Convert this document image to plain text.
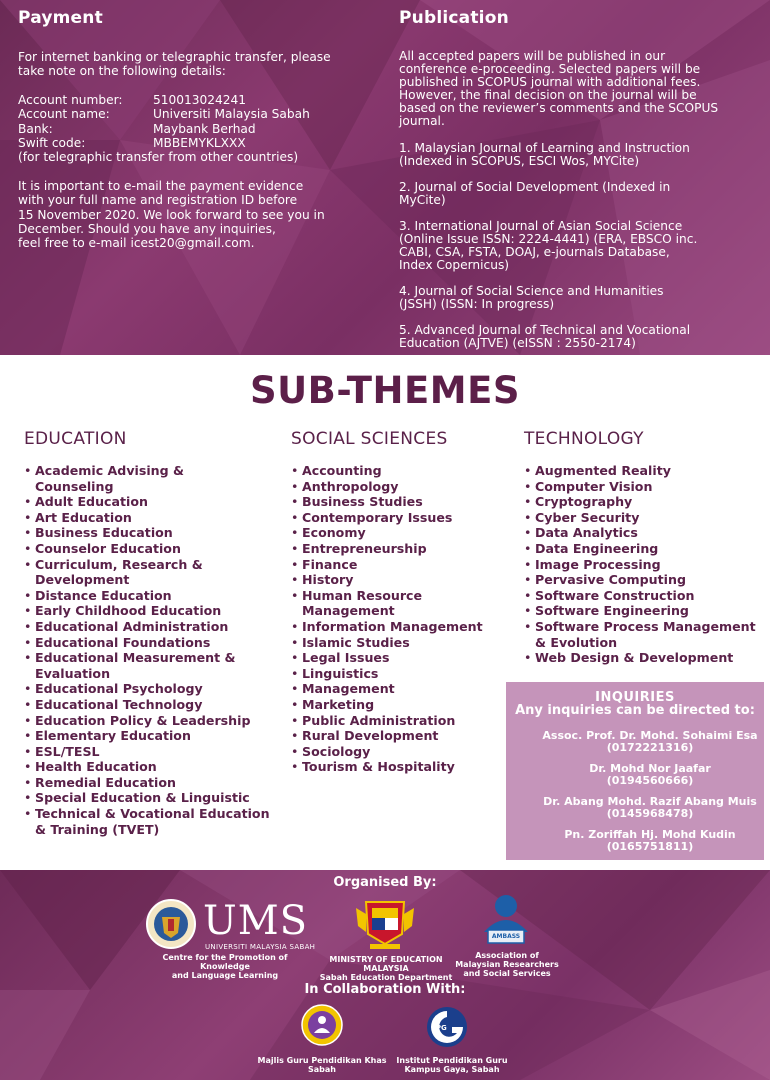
Payment
For internet banking or telegraphic transfer, please
take note on the following details:
Account number:	510013024241
Account name:	Universiti Malaysia Sabah
Bank:	Maybank Berhad
Swift code:	MBBEMYKLXXX
(for telegraphic transfer from other countries)
It is important to e-mail the payment evidence
with your full name and registration ID before
15 November 2020. We look forward to see you in
December. Should you have any inquiries,
feel free to e-mail icest20@gmail.com.
Publication
All accepted papers will be published in our
conference e-proceeding. Selected papers will be
published in SCOPUS journal with additional fees.
However, the final decision on the journal will be
based on the reviewer’s comments and the SCOPUS
journal.
1. Malaysian Journal of Learning and Instruction
(Indexed in SCOPUS, ESCI Wos, MYCite)
2. Journal of Social Development (Indexed in
MyCite)
3. International Journal of Asian Social Science
(Online Issue ISSN: 2224-4441) (ERA, EBSCO inc.
CABI, CSA, FSTA, DOAJ, e-journals Database,
Index Copernicus)
4. Journal of Social Science and Humanities
(JSSH) (ISSN: In progress)
5. Advanced Journal of Technical and Vocational
Education (AJTVE) (eISSN : 2550-2174)
SUB-THEMES
EDUCATION
• Academic Advising &
Counseling
• Adult Education
• Art Education
• Business Education
• Counselor Education
• Curriculum, Research &
Development
• Distance Education
• Early Childhood Education
• Educational Administration
• Educational Foundations
• Educational Measurement &
Evaluation
• Educational Psychology
• Educational Technology
• Education Policy & Leadership
• Elementary Education
• ESL/TESL
• Health Education
• Remedial Education
• Special Education & Linguistic
• Technical & Vocational Education
& Training (TVET)
SOCIAL SCIENCES
• Accounting
• Anthropology
• Business Studies
• Contemporary Issues
• Economy
• Entrepreneurship
• Finance
• History
• Human Resource
Management
• Information Management
• Islamic Studies
• Legal Issues
• Linguistics
• Management
• Marketing
• Public Administration
• Rural Development
• Sociology
• Tourism & Hospitality
TECHNOLOGY
• Augmented Reality
• Computer Vision
• Cryptography
• Cyber Security
• Data Analytics
• Data Engineering
• Image Processing
• Pervasive Computing
• Software Construction
• Software Engineering
• Software Process Management
& Evolution
• Web Design & Development
INQUIRIES
Any inquiries can be directed to:
Assoc. Prof. Dr. Mohd. Sohaimi Esa
(0172221316)
Dr. Mohd Nor Jaafar
(0194560666)
Dr. Abang Mohd. Razif Abang Muis
(0145968478)
Pn. Zoriffah Hj. Mohd Kudin
(0165751811)
Organised By:
UMS
UNIVERSITI MALAYSIA SABAH
Centre for the Promotion of Knowledge
and Language Learning
MINISTRY OF EDUCATION MALAYSIA
Sabah Education Department
AMBASS
Association of
Malaysian Researchers
and Social Services
In Collaboration With:
Majlis Guru Pendidikan Khas
Sabah
IPG
Institut Pendidikan Guru
Kampus Gaya, Sabah
